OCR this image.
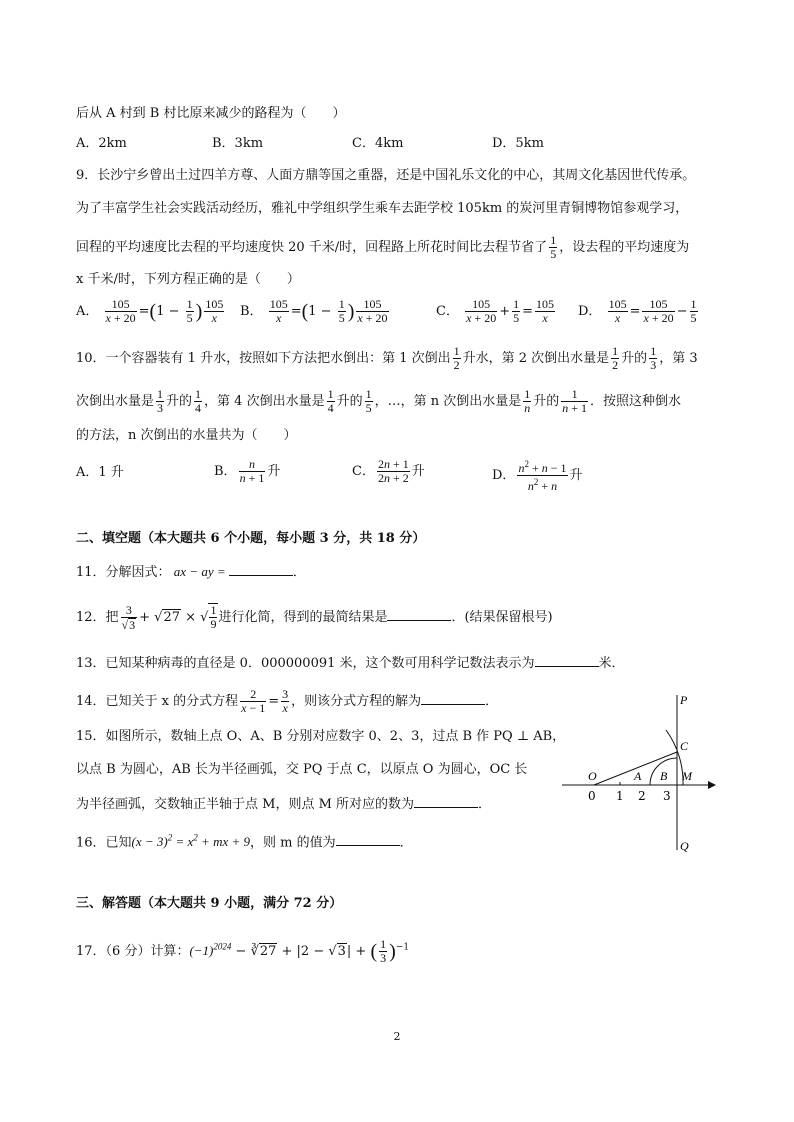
后从 A 村到 B 村比原来减少的路程为（　　）
A．2km	B．3km	C．4km	D．5km
9．长沙宁乡曾出土过四羊方尊、人面方鼎等国之重器，还是中国礼乐文化的中心，其周文化基因世代传承。
为了丰富学生社会实践活动经历，雅礼中学组织学生乘车去距学校 105km 的炭河里青铜博物馆参观学习，
回程的平均速度比去程的平均速度快 20 千米/时，回程路上所花时间比去程节省了 $\frac{1}{5}$ ，设去程的平均速度为
x 千米/时，下列方程正确的是（　　）
A． $\frac{105}{x + 20} =(1 - \frac{1}{5}$ ) $\frac{105}{x}$ B． $\frac{105}{x} =(1 - \frac{1}{5}$ ) $\frac{105}{x + 20}$	C． $\frac{105}{x + 20} + \frac{1}{5} = \frac{105}{x}$ D． $\frac{105}{x} = \frac{105}{x + 20} - \frac{1}{5}$
10．一个容器装有 1 升水，按照如下方法把水倒出：第 1 次倒出 $\frac{1}{2}$ 升水，第 2 次倒出水量是 $\frac{1}{2}$ 升的 $\frac{1}{3}$ ，第 3
次倒出水量是 $\frac{1}{3}$ 升的 $\frac{1}{4}$ ，第 4 次倒出水量是 $\frac{1}{4}$ 升的 $\frac{1}{5}$ ，…，第 n 次倒出水量是 $\frac{1}{n}$ 升的 $\frac{1}{n + 1}$ ．按照这种倒水
的方法，n 次倒出的水量共为（　　）
A．1 升	B． $\frac{n}{n + 1}$ 升	C． $\frac{2n + 1}{2n + 2}$ 升	D． $\frac{n^2 + n - 1}{n^2 + n}$ 升
二、填空题（本大题共 6 个小题，每小题 3 分，共 18 分）
11．分解因式： ax − ay =	．
12．把 $\frac{3}{√3} + √27$ × √ $\frac{1}{9}$ 进行化简，得到的最简结果是	．(结果保留根号)
13．已知某种病毒的直径是 0．000000091 米，这个数可用科学记数法表示为	米．
14．已知关于 x 的分式方程 $\frac{2}{x - 1} = \frac{3}{x}$ ，则该分式方程的解为	．
15．如图所示，数轴上点 O、A、B 分别对应数字 0、2、3，过点 B 作 PQ ⊥ AB，
以点 B 为圆心，AB 长为半径画弧，交 PQ 于点 C，以原点 O 为圆心，OC 长
为半径画弧，交数轴正半轴于点 M，则点 M 所对应的数为	．
16．已知$(x - 3)^2 = x^2$ + mx + 9，则 m 的值为	．
三、解答题（本大题共 9 小题，满分 72 分）
17．（6 分）计算：$(-1)^{2024}$ − ∛27 + |2 − √3| + ( $\frac{1}{3} )^{-1}$
P
C
O	A B M
Q
0 1 2 3
2
